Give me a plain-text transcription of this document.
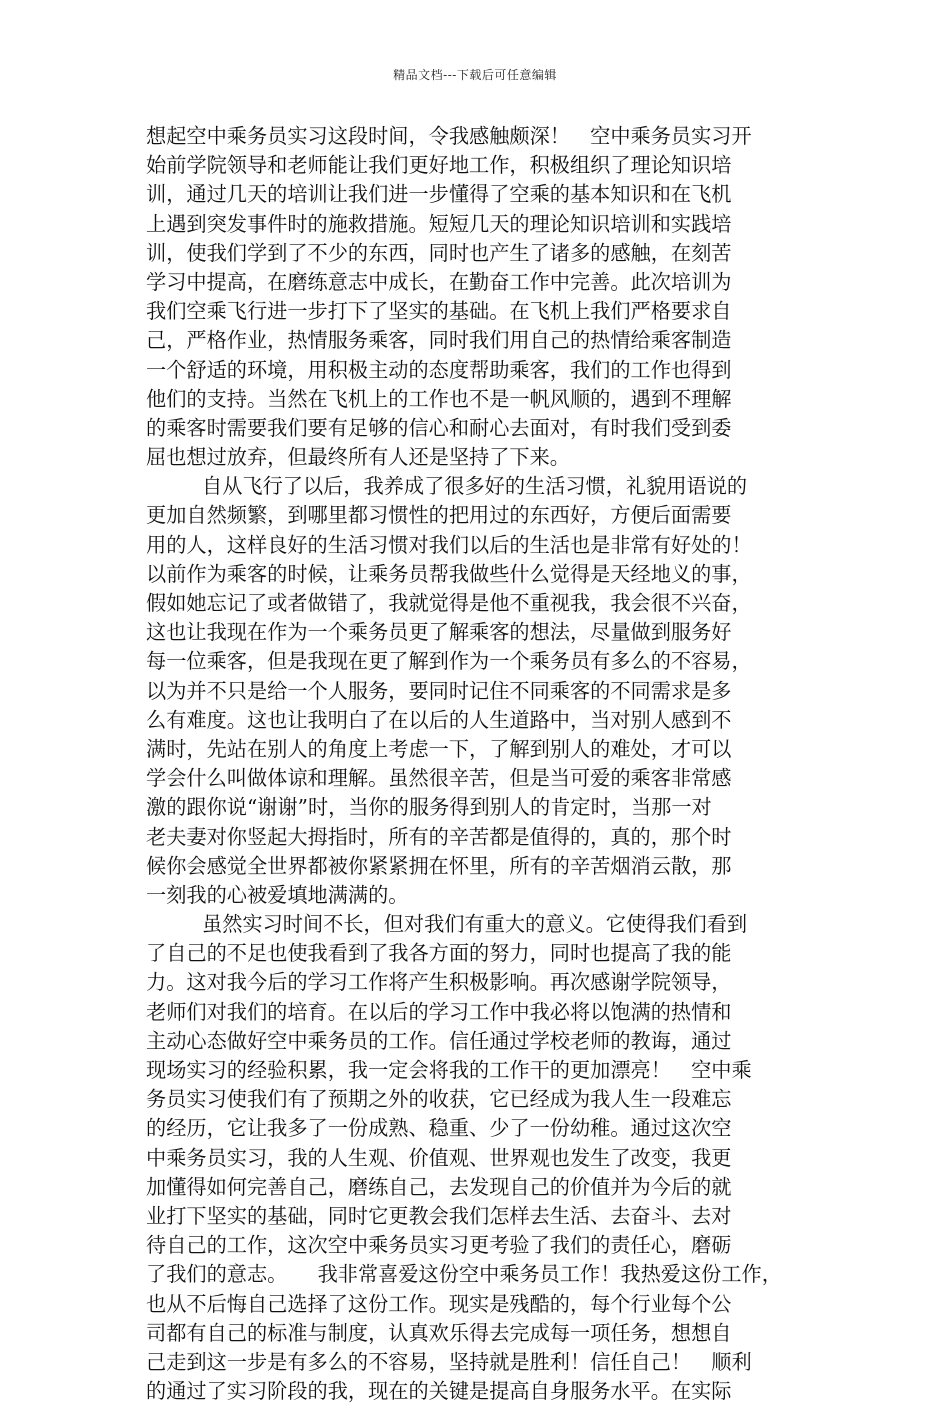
精品文档---下载后可任意编辑
想起空中乘务员实习这段时间，令我感触颇深！　空中乘务员实习开
始前学院领导和老师能让我们更好地工作，积极组织了理论知识培
训，通过几天的培训让我们进一步懂得了空乘的基本知识和在飞机
上遇到突发事件时的施救措施。短短几天的理论知识培训和实践培
训，使我们学到了不少的东西，同时也产生了诸多的感触，在刻苦
学习中提高，在磨练意志中成长，在勤奋工作中完善。此次培训为
我们空乘飞行进一步打下了坚实的基础。在飞机上我们严格要求自
己，严格作业，热情服务乘客，同时我们用自己的热情给乘客制造
一个舒适的环境，用积极主动的态度帮助乘客，我们的工作也得到
他们的支持。当然在飞机上的工作也不是一帆风顺的，遇到不理解
的乘客时需要我们要有足够的信心和耐心去面对，有时我们受到委
屈也想过放弃，但最终所有人还是坚持了下来。
自从飞行了以后，我养成了很多好的生活习惯，礼貌用语说的
更加自然频繁，到哪里都习惯性的把用过的东西好，方便后面需要
用的人，这样良好的生活习惯对我们以后的生活也是非常有好处的！
以前作为乘客的时候，让乘务员帮我做些什么觉得是天经地义的事，
假如她忘记了或者做错了，我就觉得是他不重视我，我会很不兴奋，
这也让我现在作为一个乘务员更了解乘客的想法，尽量做到服务好
每一位乘客，但是我现在更了解到作为一个乘务员有多么的不容易，
以为并不只是给一个人服务，要同时记住不同乘客的不同需求是多
么有难度。这也让我明白了在以后的人生道路中，当对别人感到不
满时，先站在别人的角度上考虑一下，了解到别人的难处，才可以
学会什么叫做体谅和理解。虽然很辛苦，但是当可爱的乘客非常感
激的跟你说“谢谢”时，当你的服务得到别人的肯定时，当那一对
老夫妻对你竖起大拇指时，所有的辛苦都是值得的，真的，那个时
候你会感觉全世界都被你紧紧拥在怀里，所有的辛苦烟消云散，那
一刻我的心被爱填地满满的。
虽然实习时间不长，但对我们有重大的意义。它使得我们看到
了自己的不足也使我看到了我各方面的努力，同时也提高了我的能
力。这对我今后的学习工作将产生积极影响。再次感谢学院领导，
老师们对我们的培育。在以后的学习工作中我必将以饱满的热情和
主动心态做好空中乘务员的工作。信任通过学校老师的教诲，通过
现场实习的经验积累，我一定会将我的工作干的更加漂亮！　空中乘
务员实习使我们有了预期之外的收获，它已经成为我人生一段难忘
的经历，它让我多了一份成熟、稳重、少了一份幼稚。通过这次空
中乘务员实习，我的人生观、价值观、世界观也发生了改变，我更
加懂得如何完善自己，磨练自己，去发现自己的价值并为今后的就
业打下坚实的基础，同时它更教会我们怎样去生活、去奋斗、去对
待自己的工作，这次空中乘务员实习更考验了我们的责任心，磨砺
了我们的意志。　　我非常喜爱这份空中乘务员工作！我热爱这份工作，
也从不后悔自己选择了这份工作。现实是残酷的，每个行业每个公
司都有自己的标准与制度，认真欢乐得去完成每一项任务，想想自
己走到这一步是有多么的不容易，坚持就是胜利！信任自己！　顺利
的通过了实习阶段的我，现在的关键是提高自身服务水平。在实际
